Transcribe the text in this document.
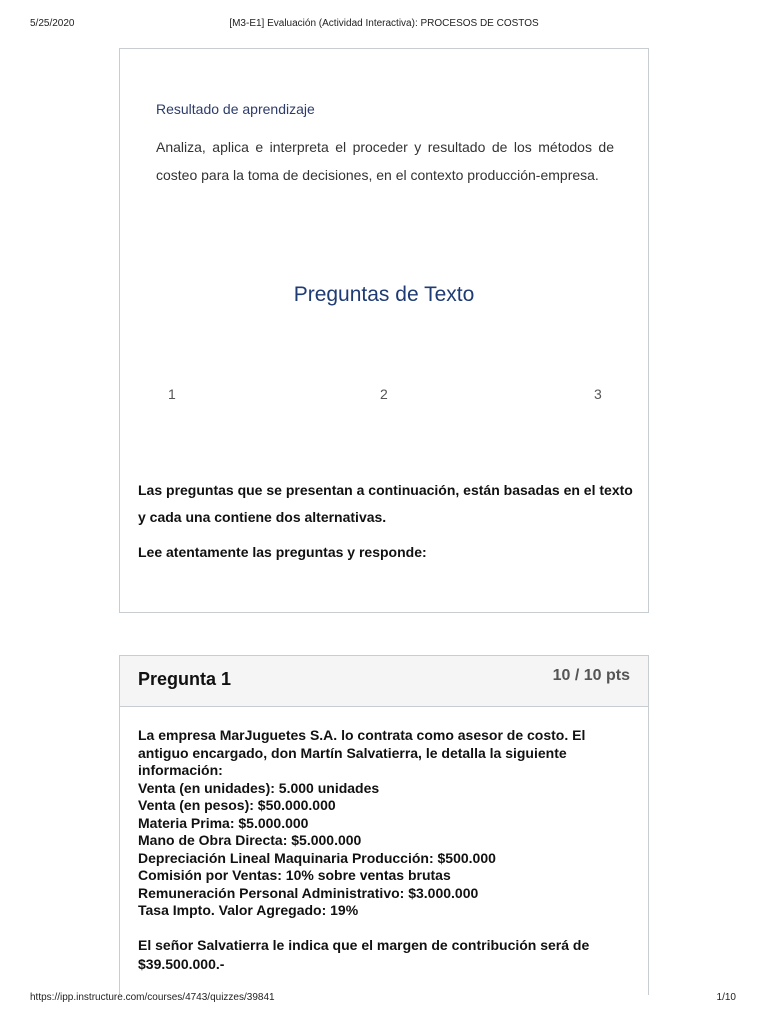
5/25/2020	[M3-E1] Evaluación (Actividad Interactiva): PROCESOS DE COSTOS
Resultado de aprendizaje
Analiza, aplica e interpreta el proceder y resultado de los métodos de costeo para la toma de decisiones, en el contexto producción-empresa.
Preguntas de Texto
1	2	3

Las preguntas que se presentan a continuación, están basadas en el texto y cada una contiene dos alternativas.

Lee atentamente las preguntas y responde:

Pregunta 1	10 / 10 pts
La empresa MarJuguetes S.A. lo contrata como asesor de costo. El
antiguo encargado, don Martín Salvatierra, le detalla la siguiente
información:
Venta (en unidades): 5.000 unidades
Venta (en pesos): $50.000.000
Materia Prima: $5.000.000
Mano de Obra Directa: $5.000.000
Depreciación Lineal Maquinaria Producción: $500.000
Comisión por Ventas: 10% sobre ventas brutas
Remuneración Personal Administrativo: $3.000.000
Tasa Impto. Valor Agregado: 19%

El señor Salvatierra le indica que el margen de contribución será de $39.500.000.-

https://ipp.instructure.com/courses/4743/quizzes/39841	1/10
